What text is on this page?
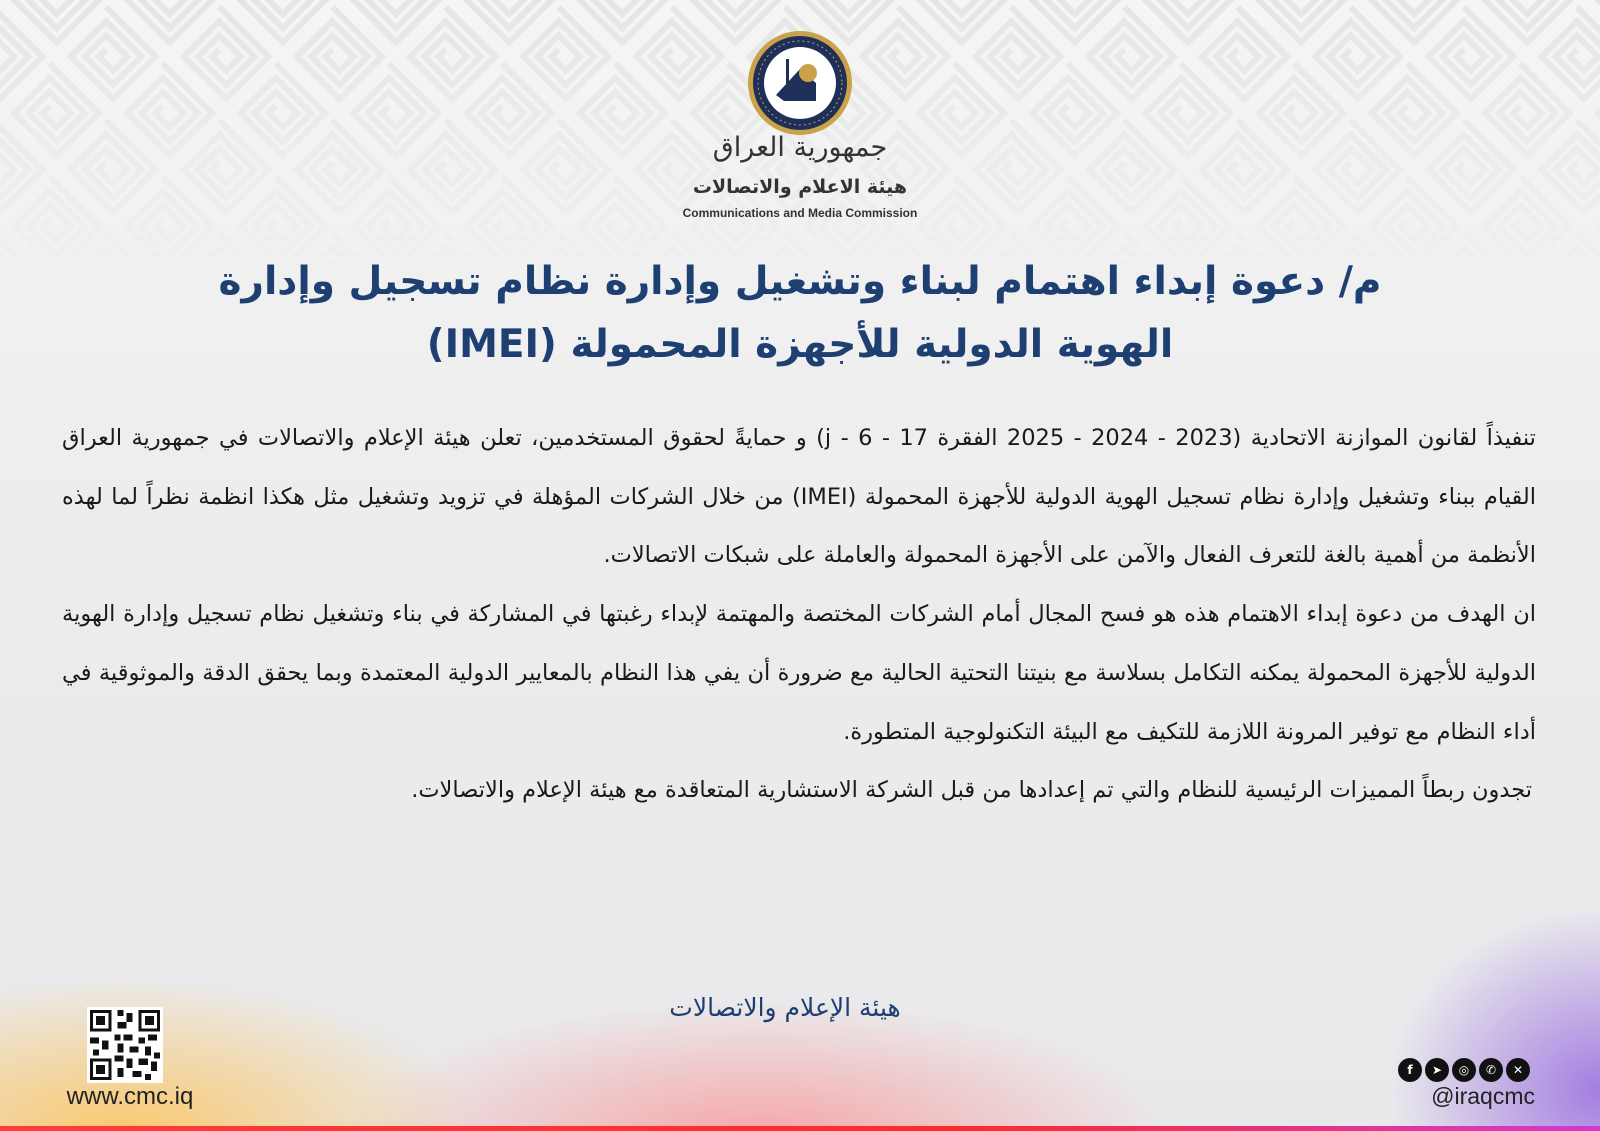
جمهورية العراق
هيئة الاعلام والاتصالات
Communications and Media Commission
م/ دعوة إبداء اهتمام لبناء وتشغيل وإدارة نظام تسجيل وإدارة
الهوية الدولية للأجهزة المحمولة (IMEI)

تنفيذاً لقانون الموازنة الاتحادية (2023 - 2024 - 2025 الفقرة 17 - 6 - j) و حمايةً لحقوق المستخدمين، تعلن هيئة الإعلام والاتصالات في جمهورية العراق القيام ببناء وتشغيل وإدارة نظام تسجيل الهوية الدولية للأجهزة المحمولة (IMEI) من خلال الشركات المؤهلة في تزويد وتشغيل مثل هكذا انظمة نظراً لما لهذه الأنظمة من أهمية بالغة للتعرف الفعال والآمن على الأجهزة المحمولة والعاملة على شبكات الاتصالات.

ان الهدف من دعوة إبداء الاهتمام هذه هو فسح المجال أمام الشركات المختصة والمهتمة لإبداء رغبتها في المشاركة في بناء وتشغيل نظام تسجيل وإدارة الهوية الدولية للأجهزة المحمولة يمكنه التكامل بسلاسة مع بنيتنا التحتية الحالية مع ضرورة أن يفي هذا النظام بالمعايير الدولية المعتمدة وبما يحقق الدقة والموثوقية في أداء النظام مع توفير المرونة اللازمة للتكيف مع البيئة التكنولوجية المتطورة.

تجدون ربطاً المميزات الرئيسية للنظام والتي تم إعدادها من قبل الشركة الاستشارية المتعاقدة مع هيئة الإعلام والاتصالات.

هيئة الإعلام والاتصالات
www.cmc.iq
✕
✆
◎
➤
f
@iraqcmc
